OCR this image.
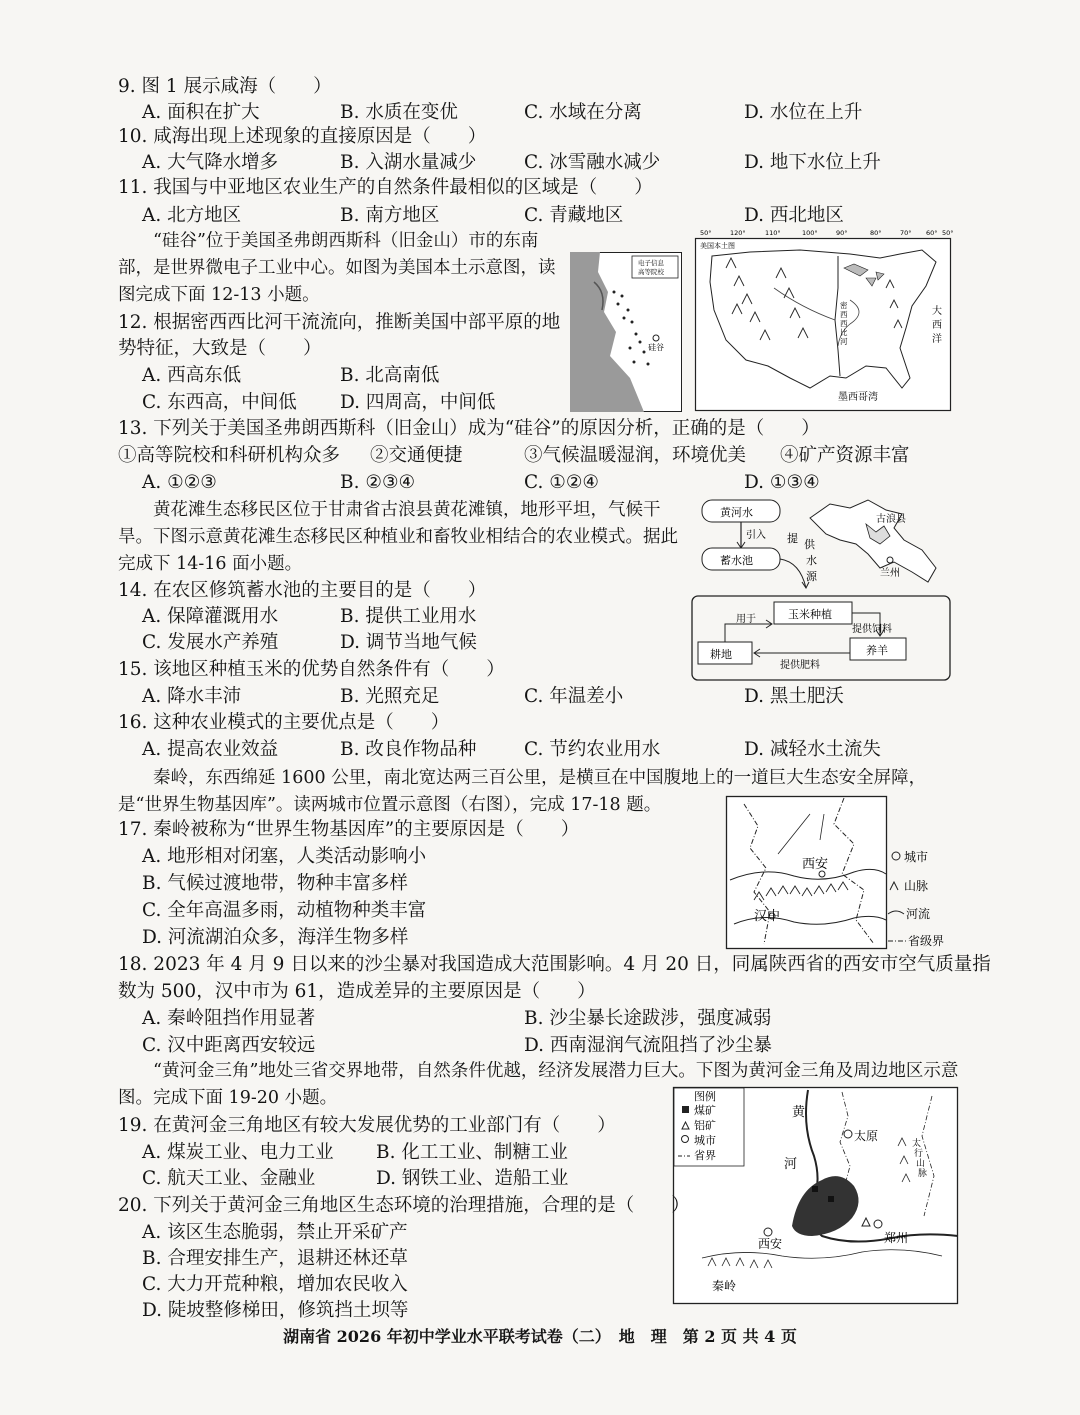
9. 图 1 展示咸海（　　）
A. 面积在扩大	B. 水质在变优	C. 水域在分离	D. 水位在上升
10. 咸海出现上述现象的直接原因是（　　）
A. 大气降水增多	B. 入湖水量减少	C. 冰雪融水减少	D. 地下水位上升
11. 我国与中亚地区农业生产的自然条件最相似的区域是（　　）
A. 北方地区	B. 南方地区	C. 青藏地区	D. 西北地区
“硅谷”位于美国圣弗朗西斯科（旧金山）市的东南部，是世界微电子工业中心。如图为美国本土示意图，读图完成下面 12-13 小题。
12. 根据密西西比河干流流向，推断美国中部平原的地
势特征，大致是（　　）
A. 西高东低	B. 北高南低
C. 东西高，中间低 D. 四周高，中间低
电子信息
高等院校
硅谷
50°	120°	110°	100°	90°	80°	70° 60° 50°
美国本土图
密西西比河
大西洋
墨西哥湾
13. 下列关于美国圣弗朗西斯科（旧金山）成为“硅谷”的原因分析，正确的是（　　）
①高等院校和科研机构众多 ②交通便捷	③气候温暖湿润，环境优美 ④矿产资源丰富
A. ①②③	B. ②③④	C. ①②④	D. ①③④
黄花滩生态移民区位于甘肃省古浪县黄花滩镇，地形平坦，气候干旱。下图示意黄花滩生态移民区种植业和畜牧业相结合的农业模式。据此完成下 14-16 面小题。
黄河水
引入
蓄水池
提 供水源
古浪县
兰州
玉米种植
养羊
耕地
提供饲料
提供肥料
用于
14. 在农区修筑蓄水池的主要目的是（　　）
A. 保障灌溉用水	B. 提供工业用水
C. 发展水产养殖	D. 调节当地气候
15. 该地区种植玉米的优势自然条件有（　　）
A. 降水丰沛	B. 光照充足	C. 年温差小	D. 黑土肥沃
16. 这种农业模式的主要优点是（　　）
A. 提高农业效益	B. 改良作物品种	C. 节约农业用水	D. 减轻水土流失
秦岭，东西绵延 1600 公里，南北宽达两三百公里，是横亘在中国腹地上的一道巨大生态安全屏障，是“世界生物基因库”。读两城市位置示意图（右图），完成 17-18 题。
西安
汉中
城市
山脉
河流
省级界
17. 秦岭被称为“世界生物基因库”的主要原因是（　　）
A. 地形相对闭塞，人类活动影响小
B. 气候过渡地带，物种丰富多样
C. 全年高温多雨，动植物种类丰富
D. 河流湖泊众多，海洋生物多样
18. 2023 年 4 月 9 日以来的沙尘暴对我国造成大范围影响。4 月 20 日，同属陕西省的西安市空气质量指
数为 500，汉中市为 61，造成差异的主要原因是（　　）
A. 秦岭阻挡作用显著	B. 沙尘暴长途跋涉，强度减弱
C. 汉中距离西安较远	D. 西南湿润气流阻挡了沙尘暴
“黄河金三角”地处三省交界地带，自然条件优越，经济发展潜力巨大。下图为黄河金三角及周边地区示意图。完成下面 19-20 小题。	图例
煤矿
铝矿
城市
省界
太原
西安	郑州
黄
河
太行山脉
秦岭
19. 在黄河金三角地区有较大发展优势的工业部门有（　　）
A. 煤炭工业、电力工业 B. 化工工业、制糖工业
C. 航天工业、金融业	D. 钢铁工业、造船工业
20. 下列关于黄河金三角地区生态环境的治理措施，合理的是（　　）
A. 该区生态脆弱，禁止开采矿产
B. 合理安排生产，退耕还林还草
C. 大力开荒种粮，增加农民收入
D. 陡坡整修梯田，修筑挡土坝等
湖南省 2026 年初中学业水平联考试卷（二）　地　理　第 2 页 共 4 页
